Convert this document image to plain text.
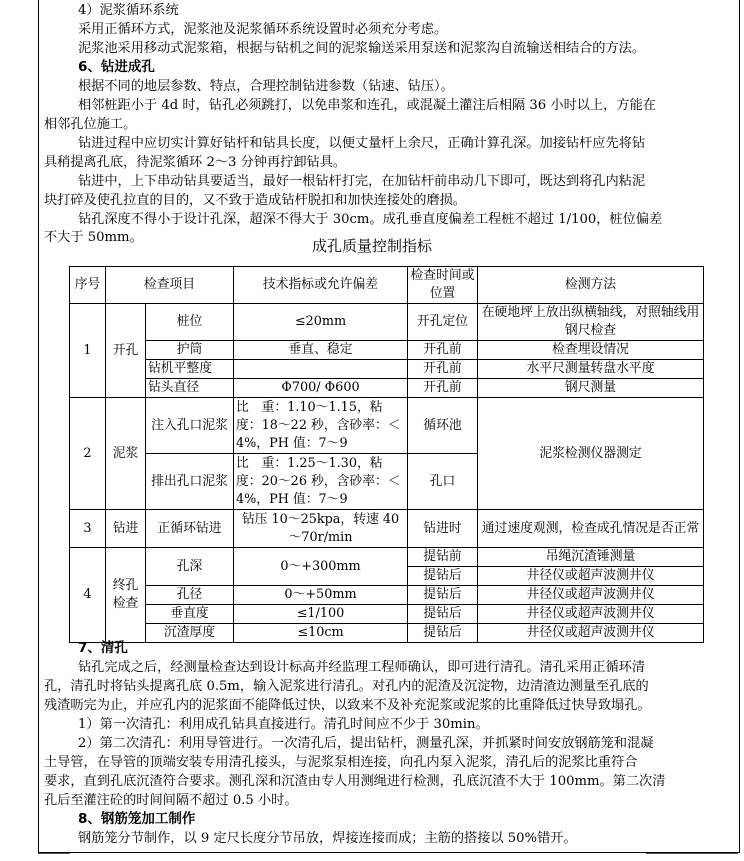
4）泥浆循环系统
采用正循环方式，泥浆池及泥浆循环系统设置时必须充分考虑。
泥浆池采用移动式泥浆箱，根据与钻机之间的泥浆输送采用泵送和泥浆沟自流输送相结合的方法。
6、钻进成孔
根据不同的地层参数、特点，合理控制钻进参数（钻速、钻压）。
相邻桩距小于 4d 时，钻孔必须跳打，以免串浆和连孔，或混凝土灌注后相隔 36 小时以上，方能在
相邻孔位施工。
钻进过程中应切实计算好钻杆和钻具长度，以便丈量杆上余尺，正确计算孔深。加接钻杆应先将钻
具稍提离孔底，待泥浆循环 2～3 分钟再拧卸钻具。
钻进中，上下串动钻具要适当，最好一根钻杆打完，在加钻杆前串动几下即可，既达到将孔内粘泥
块打碎及使孔拉直的目的，又不致于造成钻杆脱扣和加快连接处的磨损。
钻孔深度不得小于设计孔深，超深不得大于 30cm。成孔垂直度偏差工程桩不超过 1/100，桩位偏差
不大于 50mm。	成孔质量控制指标
序号	检查项目		技术指标或允许偏差	检查时间或位置	检测方法
1	开孔	桩位	≤20mm	开孔定位	在硬地坪上放出纵横轴线，对照轴线用钢尺检查
		护筒	垂直、稳定	开孔前	检查埋设情况
		钻机平整度		开孔前	水平尺测量转盘水平度
		钻头直径	Φ700/ Φ600	开孔前	钢尺测量
2	泥浆	注入孔口泥浆	比　重：1.10～1.15，粘度：18～22 秒，含砂率：＜4%，PH 值：7～9	循环池	泥浆检测仪器测定
		排出孔口泥浆	比　重：1.25～1.30，粘度：20～26 秒，含砂率：＜4%，PH 值：7～9	孔口	
3	钻进	正循环钻进	钻压 10～25kpa，转速 40～70r/min	钻进时	通过速度观测，检查成孔情况是否正常
4	终孔检查	孔深	0～+300mm	提钻前	吊绳沉渣锤测量
				提钻后	井径仪或超声波测井仪
		孔径	0～+50mm	提钻后	井径仪或超声波测井仪
		垂直度	≤1/100	提钻后	井径仪或超声波测井仪
		沉渣厚度	≤10cm	提钻后	井径仪或超声波测井仪
7、清孔
钻孔完成之后，经测量检查达到设计标高并经监理工程师确认，即可进行清孔。清孔采用正循环清
孔，清孔时将钻头提离孔底 0.5m，输入泥浆进行清孔。对孔内的泥渣及沉淀物，边清渣边测量至孔底的
残渣呖完为止，并应孔内的泥浆面不能降低过快，以致来不及补充泥浆或泥浆的比重降低过快导致塌孔。
1）第一次清孔：利用成孔钻具直接进行。清孔时间应不少于 30min。
2）第二次清孔：利用导管进行。一次清孔后，提出钻杆，测量孔深，并抓紧时间安放钢筋笼和混凝
土导管，在导管的顶端安装专用清孔接头，与泥浆泵相连接，向孔内泵入泥浆，清孔后的泥浆比重符合
要求，直到孔底沉渣符合要求。测孔深和沉渣由专人用测绳进行检测，孔底沉渣不大于 100mm。第二次清
孔后至灌注砼的时间间隔不超过 0.5 小时。
8、钢筋笼加工制作
钢筋笼分节制作，以 9 定尺长度分节吊放，焊接连接而成；主筋的搭接以 50%错开。
